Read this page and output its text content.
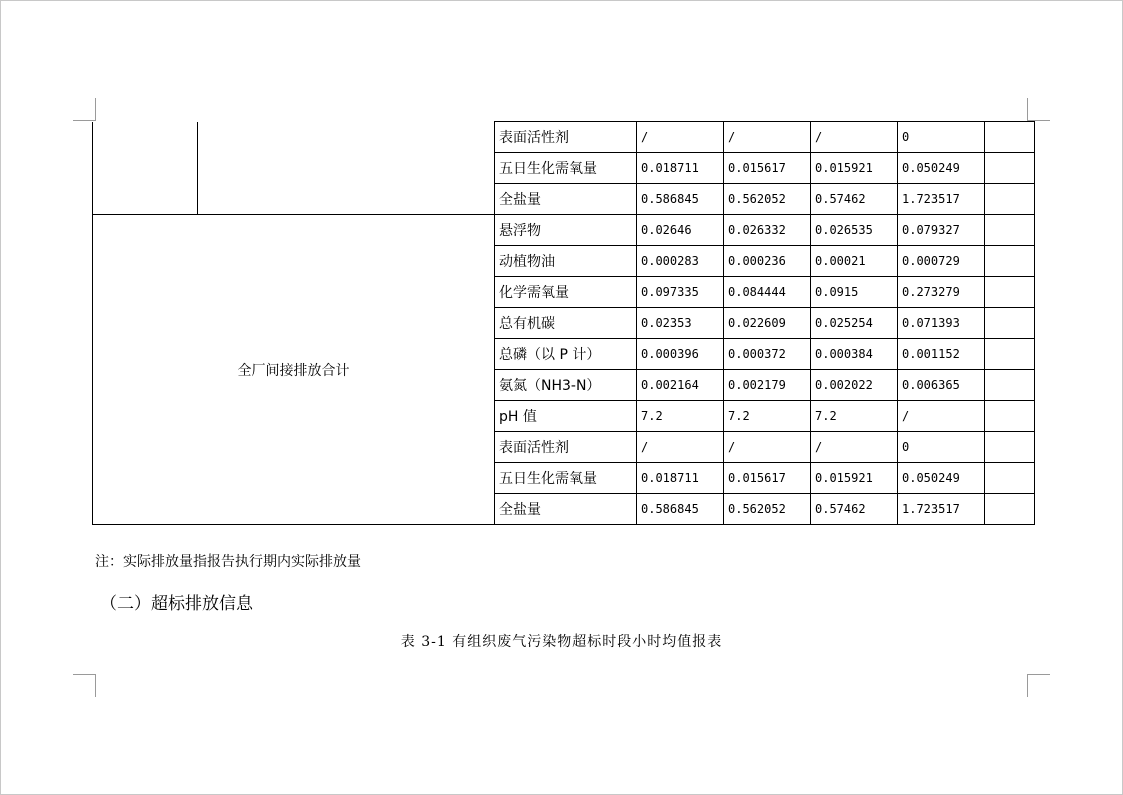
		表面活性剂	/	/	/	0	
		五日生化需氧量	0.018711	0.015617	0.015921	0.050249	
		全盐量	0.586845	0.562052	0.57462	1.723517	
全厂间接排放合计		悬浮物	0.02646	0.026332	0.026535	0.079327	
		动植物油	0.000283	0.000236	0.00021	0.000729	
		化学需氧量	0.097335	0.084444	0.0915	0.273279	
		总有机碳	0.02353	0.022609	0.025254	0.071393	
		总磷（以 P 计）	0.000396	0.000372	0.000384	0.001152	
		氨氮（NH3-N）	0.002164	0.002179	0.002022	0.006365	
		pH 值	7.2	7.2	7.2	/	
		表面活性剂	/	/	/	0	
		五日生化需氧量	0.018711	0.015617	0.015921	0.050249	
		全盐量	0.586845	0.562052	0.57462	1.723517	
注：实际排放量指报告执行期内实际排放量
（二）超标排放信息
表 3-1 有组织废气污染物超标时段小时均值报表
